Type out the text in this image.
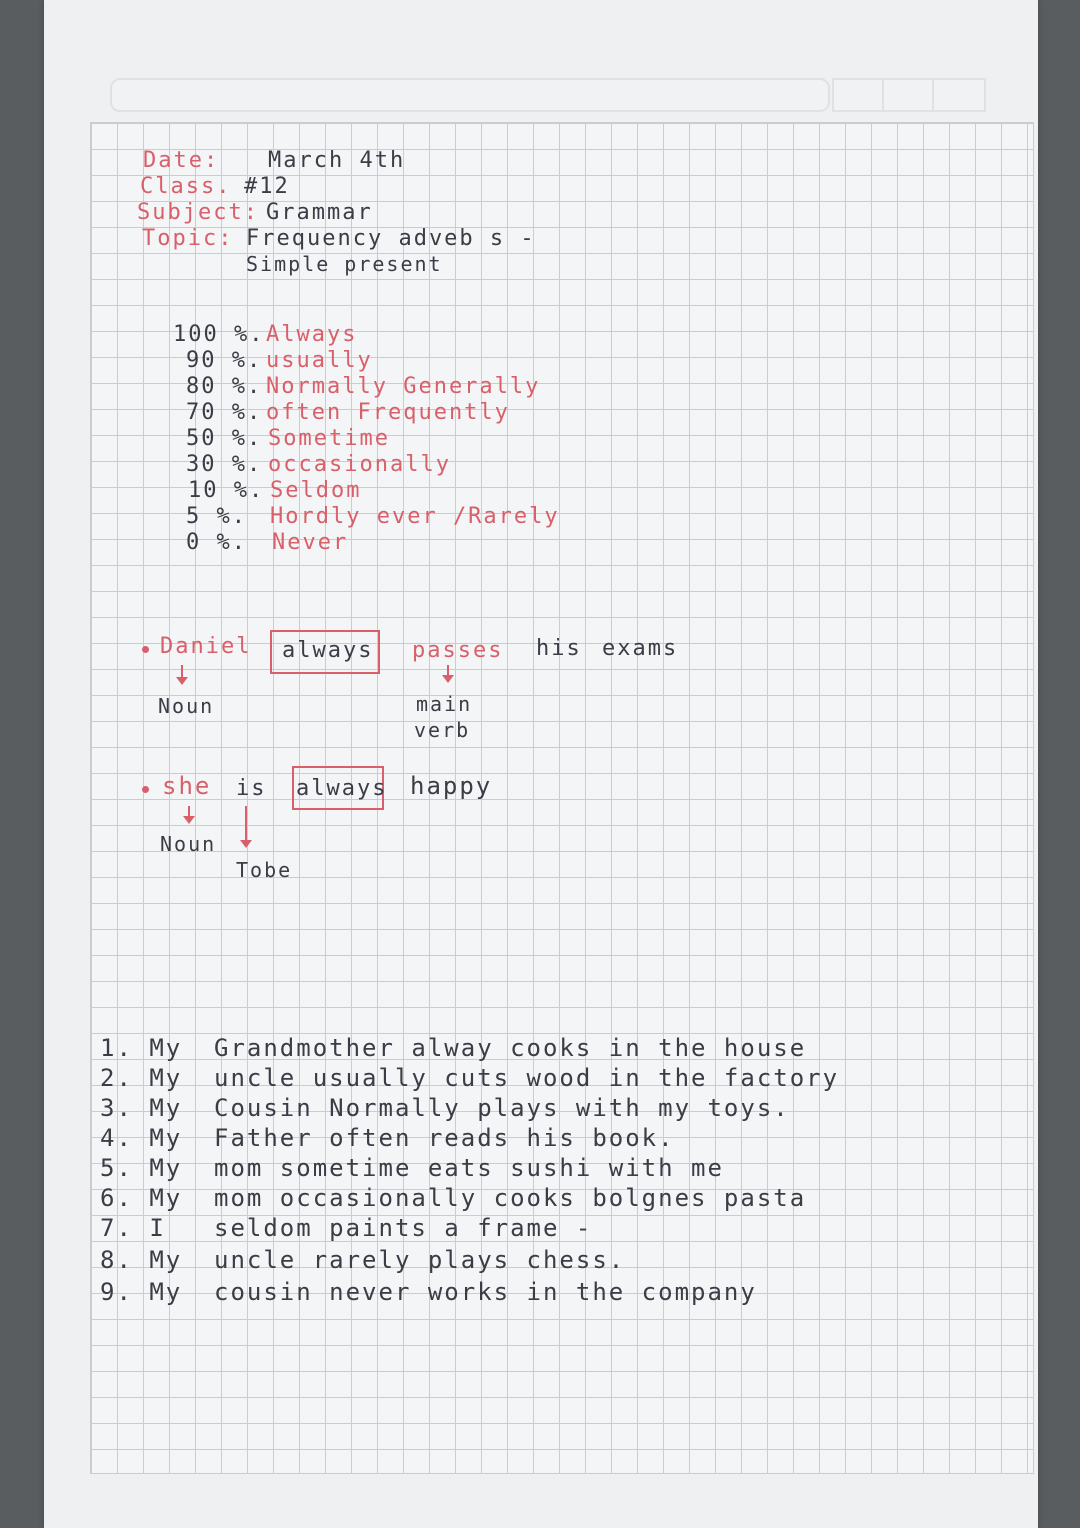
Date: March 4th
Class. #12
Subject: Grammar
Topic: Frequency adveb s -
Simple present
100 %. Always
90 %. usually
80 %. Normally Generally
70 %. often Frequently
50 %. Sometime
30 %. occasionally
10 %. Seldom
5 %. Hordly ever /Rarely
0 %. Never
Daniel
Noun
always passes
main
verb
his exams
she
Noun
is
Tobe
always happy
1. My Grandmother alway cooks in the house
2. My uncle usually cuts wood in the factory
3. My Cousin Normally plays with my toys.
4. My Father often reads his book.
5. My mom sometime eats sushi with me
6. My mom occasionally cooks bolgnes pasta
7. I seldom paints a frame -
8. My uncle rarely plays chess.
9. My cousin never works in the company
